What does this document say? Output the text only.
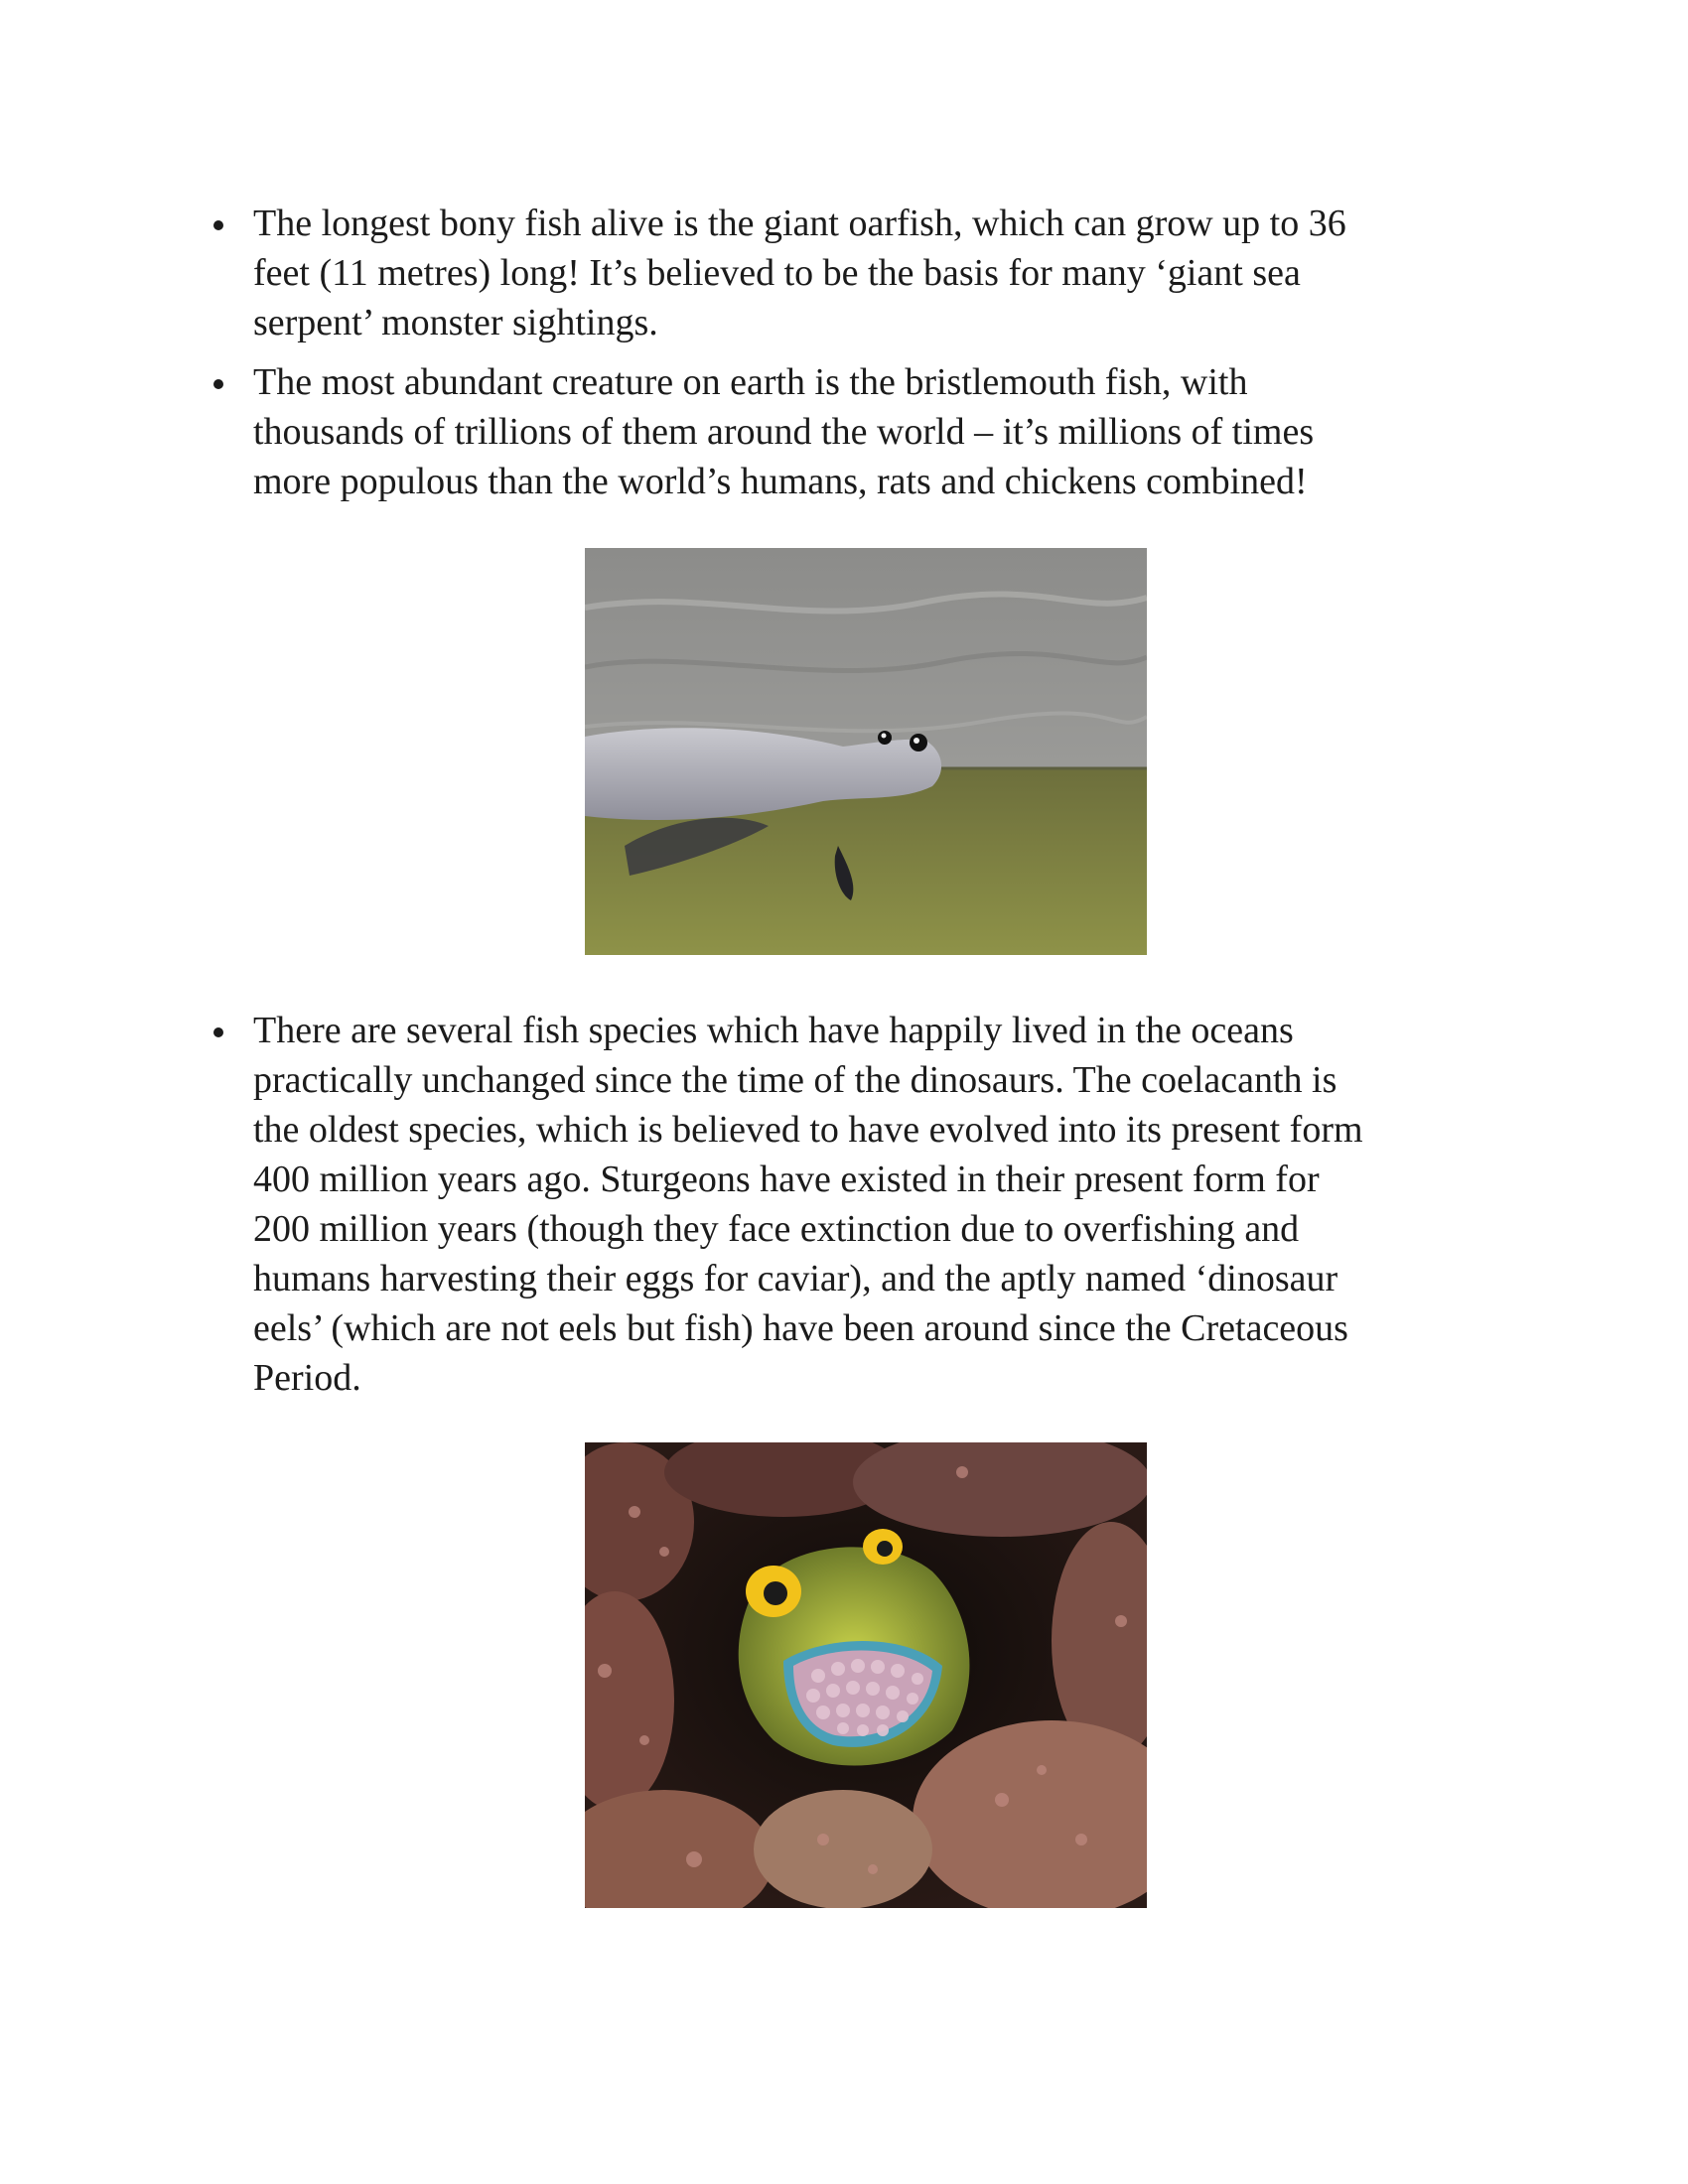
The longest bony fish alive is the giant oarfish, which can grow up to 36
feet (11 metres) long! It’s believed to be the basis for many ‘giant sea
serpent’ monster sightings.

The most abundant creature on earth is the bristlemouth fish, with
thousands of trillions of them around the world – it’s millions of times
more populous than the world’s humans, rats and chickens combined!

There are several fish species which have happily lived in the oceans
practically unchanged since the time of the dinosaurs. The coelacanth is
the oldest species, which is believed to have evolved into its present form
400 million years ago. Sturgeons have existed in their present form for
200 million years (though they face extinction due to overfishing and
humans harvesting their eggs for caviar), and the aptly named ‘dinosaur
eels’ (which are not eels but fish) have been around since the Cretaceous
Period.
